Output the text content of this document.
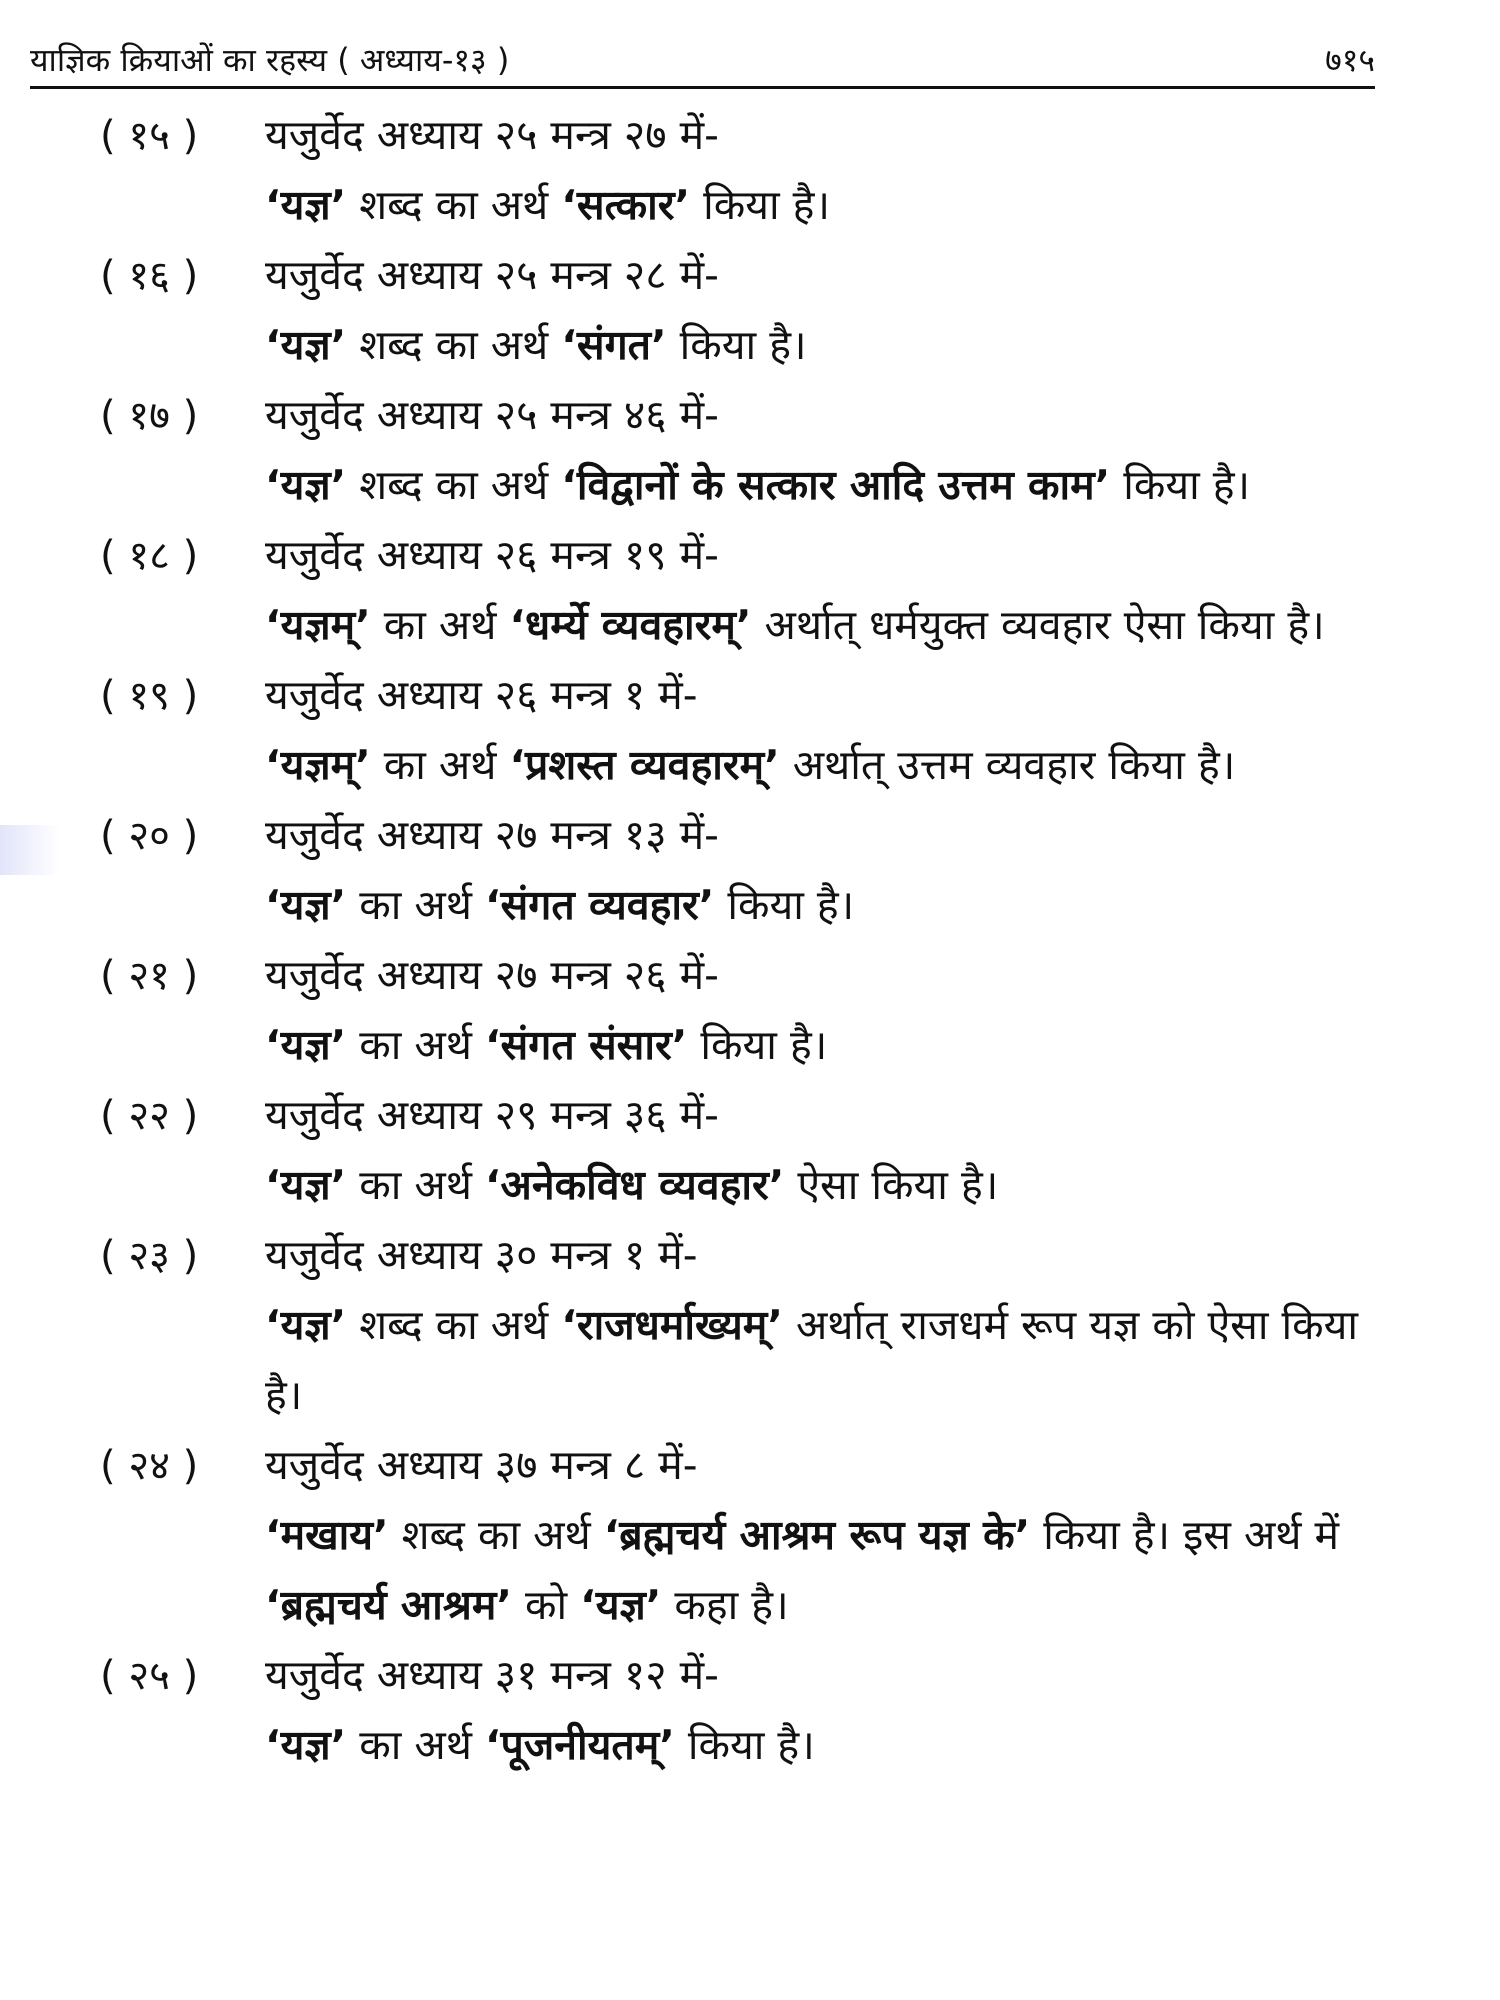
याज्ञिक क्रियाओं का रहस्य ( अध्याय-१३ )	७१५
( १५ )	यजुर्वेद अध्याय २५ मन्त्र २७ में-
‘यज्ञ’ शब्द का अर्थ ‘सत्कार’ किया है।
( १६ )	यजुर्वेद अध्याय २५ मन्त्र २८ में-
‘यज्ञ’ शब्द का अर्थ ‘संगत’ किया है।
( १७ )	यजुर्वेद अध्याय २५ मन्त्र ४६ में-
‘यज्ञ’ शब्द का अर्थ ‘विद्वानों के सत्कार आदि उत्तम काम’ किया है।
( १८ )	यजुर्वेद अध्याय २६ मन्त्र १९ में-
‘यज्ञम्’ का अर्थ ‘धर्म्ये व्यवहारम्’ अर्थात् धर्मयुक्त व्यवहार ऐसा किया है।
( १९ )	यजुर्वेद अध्याय २६ मन्त्र १ में-
‘यज्ञम्’ का अर्थ ‘प्रशस्त व्यवहारम्’ अर्थात् उत्तम व्यवहार किया है।
( २० )	यजुर्वेद अध्याय २७ मन्त्र १३ में-
‘यज्ञ’ का अर्थ ‘संगत व्यवहार’ किया है।
( २१ )	यजुर्वेद अध्याय २७ मन्त्र २६ में-
‘यज्ञ’ का अर्थ ‘संगत संसार’ किया है।
( २२ )	यजुर्वेद अध्याय २९ मन्त्र ३६ में-
‘यज्ञ’ का अर्थ ‘अनेकविध व्यवहार’ ऐसा किया है।
( २३ )	यजुर्वेद अध्याय ३० मन्त्र १ में-
‘यज्ञ’ शब्द का अर्थ ‘राजधर्माख्यम्’ अर्थात् राजधर्म रूप यज्ञ को ऐसा किया है।
( २४ )	यजुर्वेद अध्याय ३७ मन्त्र ८ में-
‘मखाय’ शब्द का अर्थ ‘ब्रह्मचर्य आश्रम रूप यज्ञ के’ किया है। इस अर्थ में ‘ब्रह्मचर्य आश्रम’ को ‘यज्ञ’ कहा है।
( २५ )	यजुर्वेद अध्याय ३१ मन्त्र १२ में-
‘यज्ञ’ का अर्थ ‘पूजनीयतम्’ किया है।
